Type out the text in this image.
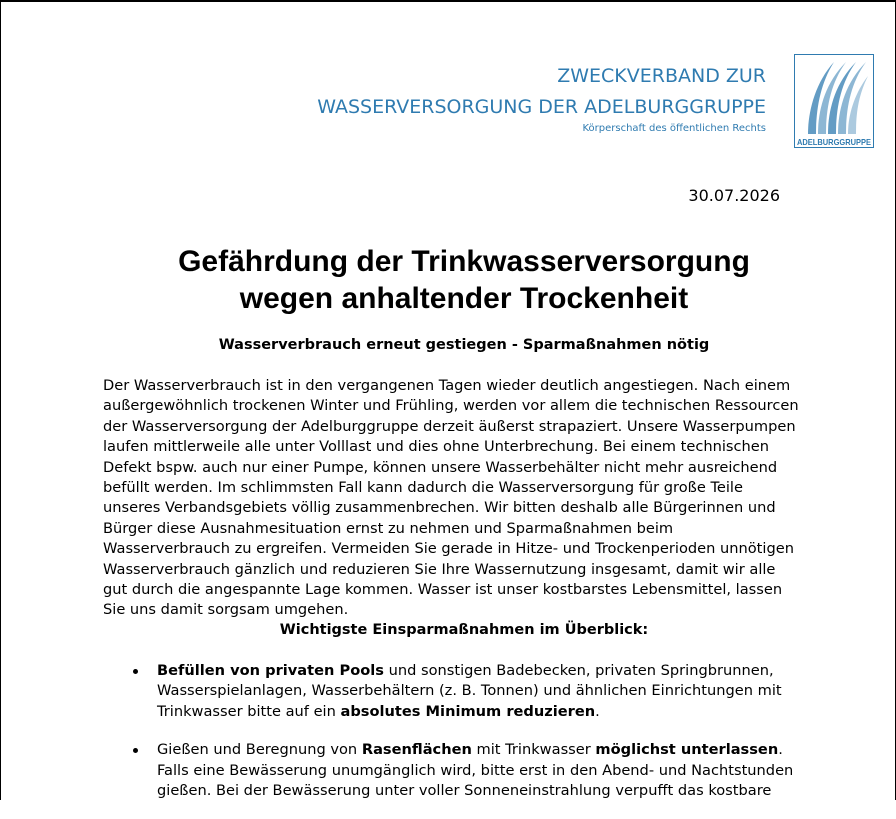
ZWECKVERBAND ZUR
WASSERVERSORGUNG DER ADELBURGGRUPPE
Körperschaft des öffentlichen Rechts
ADELBURGGRUPPE
30.07.2026
Gefährdung der Trinkwasserversorgung
wegen anhaltender Trockenheit
Wasserverbrauch erneut gestiegen - Sparmaßnahmen nötig

Der Wasserverbrauch ist in den vergangenen Tagen wieder deutlich angestiegen. Nach einem außergewöhnlich trockenen Winter und Frühling, werden vor allem die technischen Ressourcen der Wasserversorgung der Adelburggruppe derzeit äußerst strapaziert. Unsere Wasserpumpen laufen mittlerweile alle unter Volllast und dies ohne Unterbrechung. Bei einem technischen Defekt bspw. auch nur einer Pumpe, können unsere Wasserbehälter nicht mehr ausreichend befüllt werden. Im schlimmsten Fall kann dadurch die Wasserversorgung für große Teile unseres Verbandsgebiets völlig zusammenbrechen. Wir bitten deshalb alle Bürgerinnen und Bürger diese Ausnahmesituation ernst zu nehmen und Sparmaßnahmen beim Wasserverbrauch zu ergreifen. Vermeiden Sie gerade in Hitze- und Trockenperioden unnötigen Wasserverbrauch gänzlich und reduzieren Sie Ihre Wassernutzung insgesamt, damit wir alle gut durch die angespannte Lage kommen. Wasser ist unser kostbarstes Lebensmittel, lassen Sie uns damit sorgsam umgehen.

Wichtigste Einsparmaßnahmen im Überblick:
Befüllen von privaten Pools und sonstigen Badebecken, privaten Springbrunnen, Wasserspielanlagen, Wasserbehältern (z. B. Tonnen) und ähnlichen Einrichtungen mit Trinkwasser bitte auf ein absolutes Minimum reduzieren.
Gießen und Beregnung von Rasenflächen mit Trinkwasser möglichst unterlassen. Falls eine Bewässerung unumgänglich wird, bitte erst in den Abend- und Nachtstunden gießen. Bei der Bewässerung unter voller Sonneneinstrahlung verpufft das kostbare
